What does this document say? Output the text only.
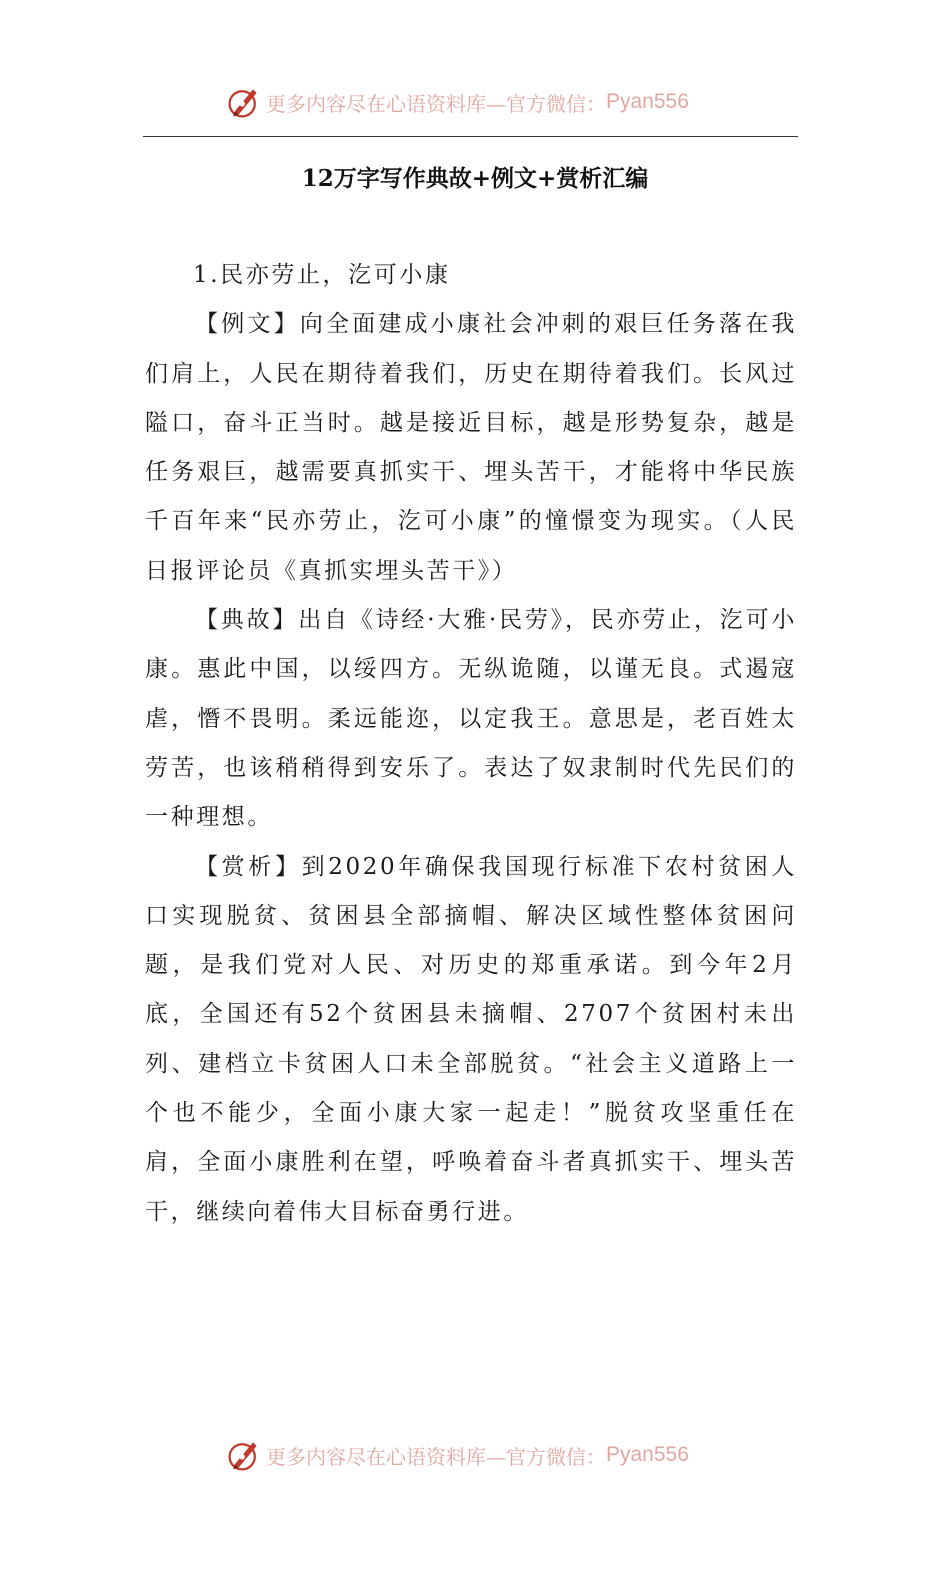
更多内容尽在心语资料库—官方微信： Pyan556
12万字写作典故+例文+赏析汇编

1.民亦劳止，汔可小康

【例文】向全面建成小康社会冲刺的艰巨任务落在我们肩上，人民在期待着我们，历史在期待着我们。长风过隘口，奋斗正当时。越是接近目标，越是形势复杂，越是任务艰巨，越需要真抓实干、埋头苦干，才能将中华民族千百年来“民亦劳止，汔可小康”的憧憬变为现实。（人民日报评论员《真抓实埋头苦干》）

【典故】出自《诗经·大雅·民劳》，民亦劳止，汔可小康。惠此中国，以绥四方。无纵诡随，以谨无良。式遏寇虐，憯不畏明。柔远能迩，以定我王。意思是，老百姓太劳苦，也该稍稍得到安乐了。表达了奴隶制时代先民们的一种理想。

【赏析】到2020年确保我国现行标准下农村贫困人口实现脱贫、贫困县全部摘帽、解决区域性整体贫困问题，是我们党对人民、对历史的郑重承诺。到今年2月底，全国还有52个贫困县未摘帽、2707个贫困村未出列、建档立卡贫困人口未全部脱贫。“社会主义道路上一个也不能少，全面小康大家一起走！”脱贫攻坚重任在肩，全面小康胜利在望，呼唤着奋斗者真抓实干、埋头苦干，继续向着伟大目标奋勇行进。

更多内容尽在心语资料库—官方微信： Pyan556
